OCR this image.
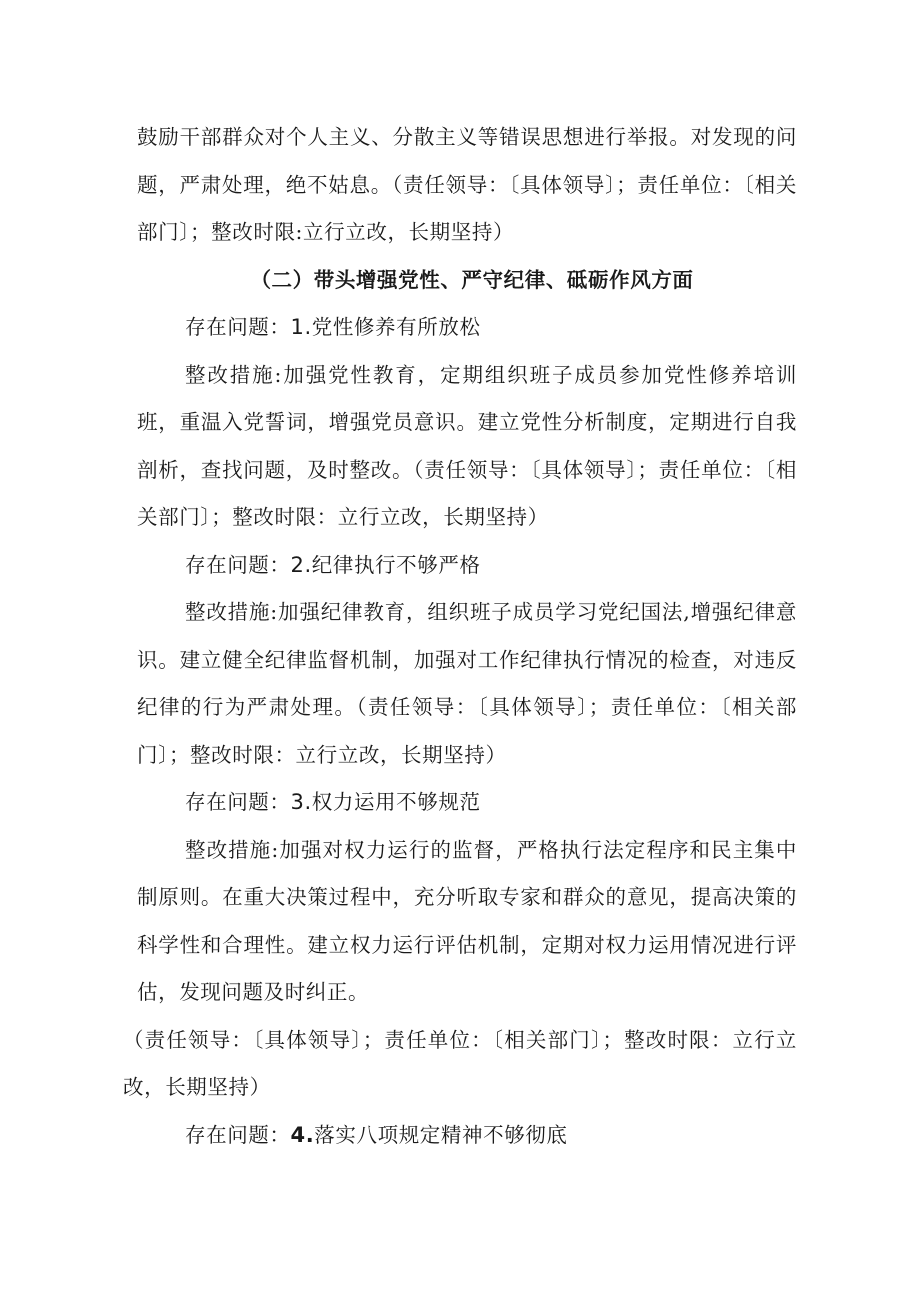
鼓励干部群众对个人主义、分散主义等错误思想进行举报。对发现的问题，严肃处理，绝不姑息。（责任领导：〔具体领导〕；责任单位：〔相关部门〕；整改时限:立行立改，长期坚持）

（二）带头增强党性、严守纪律、砥砺作风方面

存在问题：1.党性修养有所放松

整改措施:加强党性教育，定期组织班子成员参加党性修养培训班，重温入党誓词，增强党员意识。建立党性分析制度，定期进行自我剖析，查找问题，及时整改。（责任领导：〔具体领导〕；责任单位：〔相关部门〕；整改时限：立行立改，长期坚持）

存在问题：2.纪律执行不够严格

整改措施:加强纪律教育，组织班子成员学习党纪国法,增强纪律意识。建立健全纪律监督机制，加强对工作纪律执行情况的检查，对违反纪律的行为严肃处理。（责任领导：〔具体领导〕；责任单位：〔相关部门〕；整改时限：立行立改，长期坚持）

存在问题：3.权力运用不够规范

整改措施:加强对权力运行的监督，严格执行法定程序和民主集中制原则。在重大决策过程中，充分听取专家和群众的意见，提高决策的科学性和合理性。建立权力运行评估机制，定期对权力运用情况进行评估，发现问题及时纠正。

（责任领导：〔具体领导〕；责任单位：〔相关部门〕；整改时限：立行立改，长期坚持）

存在问题：4.落实八项规定精神不够彻底
